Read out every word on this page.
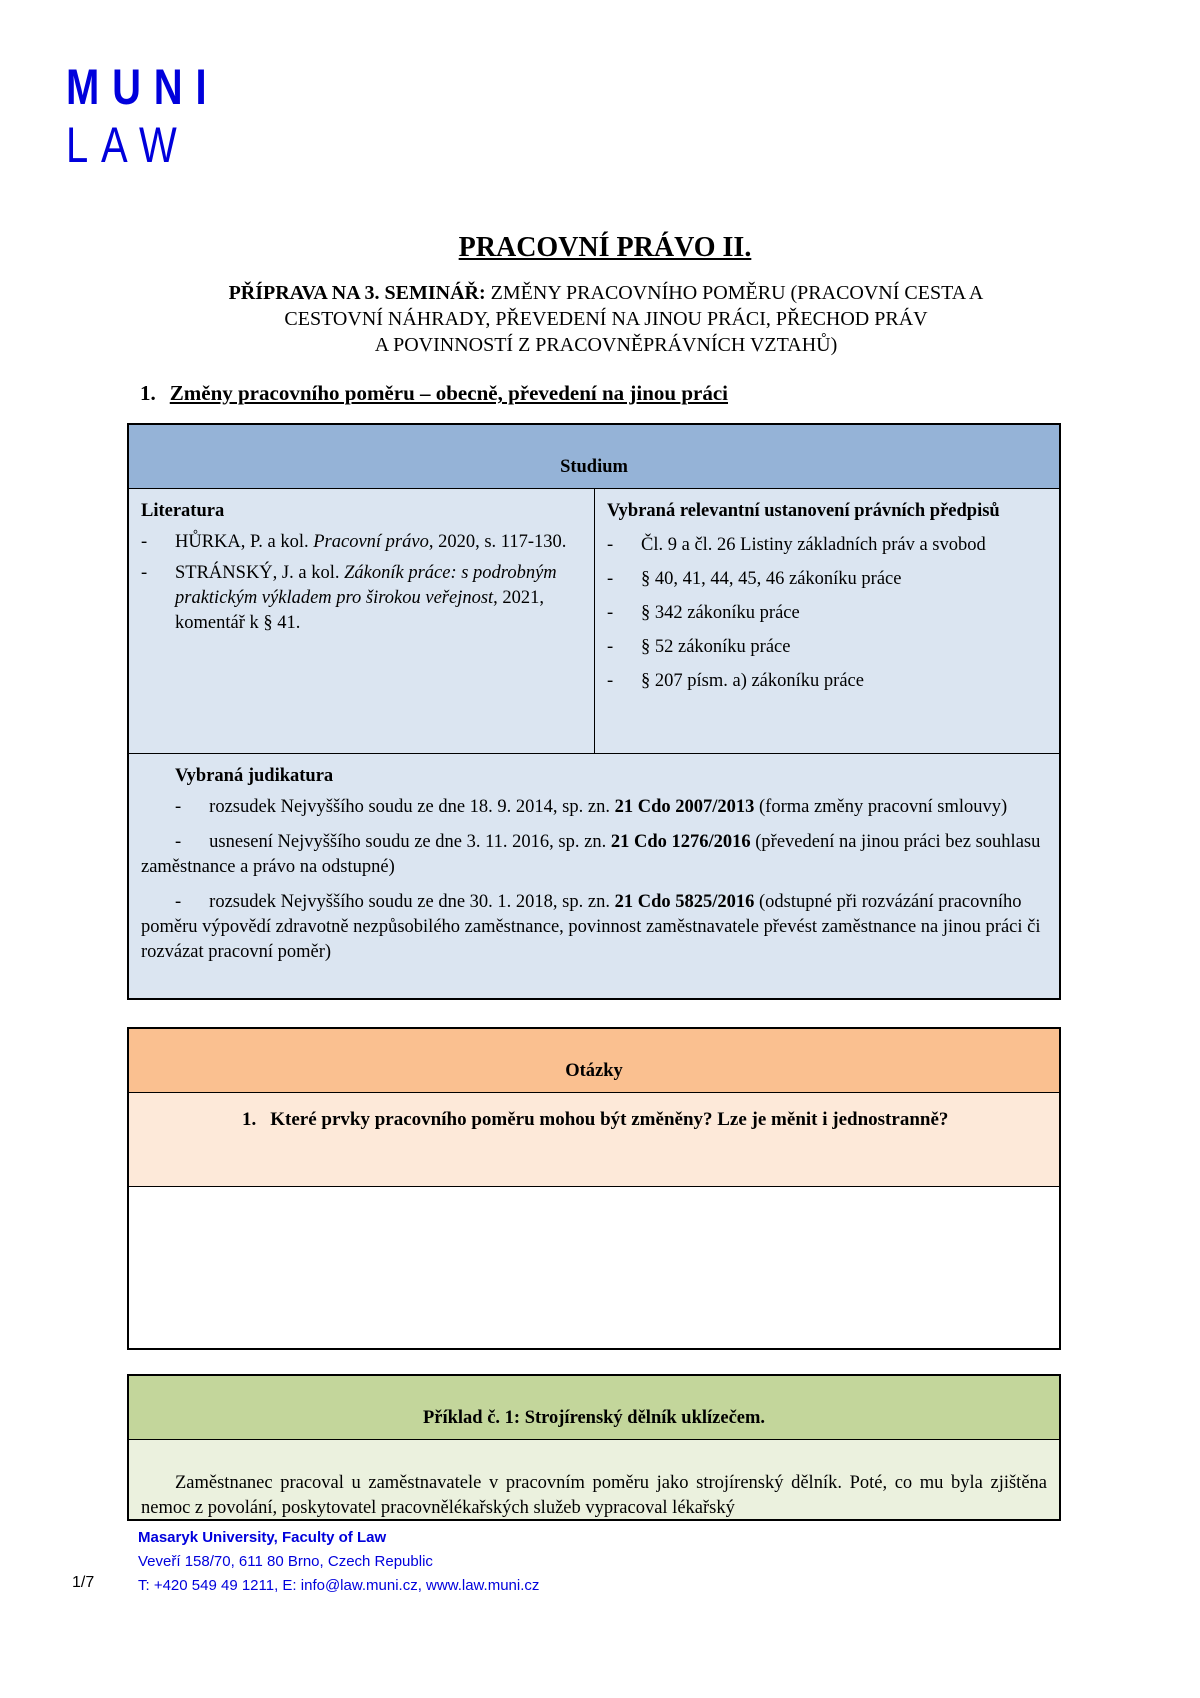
MUNI
LAW
PRACOVNÍ PRÁVO II.

PŘÍPRAVA NA 3. SEMINÁŘ: ZMĚNY PRACOVNÍHO POMĚRU (PRACOVNÍ CESTA A
CESTOVNÍ NÁHRADY, PŘEVEDENÍ NA JINOU PRÁCI, PŘECHOD PRÁV
A POVINNOSTÍ Z PRACOVNĚPRÁVNÍCH VZTAHŮ)

1. Změny pracovního poměru – obecně, převedení na jinou práci
Studium
Literatura
- HŮRKA, P. a kol. Pracovní právo, 2020, s. 117-130.
- STRÁNSKÝ, J. a kol. Zákoník práce: s podrobným praktickým výkladem pro širokou veřejnost, 2021, komentář k § 41.
Vybraná relevantní ustanovení právních předpisů
- Čl. 9 a čl. 26 Listiny základních práv a svobod
- § 40, 41, 44, 45, 46 zákoníku práce
- § 342 zákoníku práce
- § 52 zákoníku práce
- § 207 písm. a) zákoníku práce
Vybraná judikatura

- rozsudek Nejvyššího soudu ze dne 18. 9. 2014, sp. zn. 21 Cdo 2007/2013 (forma změny pracovní smlouvy)

- usnesení Nejvyššího soudu ze dne 3. 11. 2016, sp. zn. 21 Cdo 1276/2016 (převedení na jinou práci bez souhlasu zaměstnance a právo na odstupné)

- rozsudek Nejvyššího soudu ze dne 30. 1. 2018, sp. zn. 21 Cdo 5825/2016 (odstupné při rozvázání pracovního poměru výpovědí zdravotně nezpůsobilého zaměstnance, povinnost zaměstnavatele převést zaměstnance na jinou práci či rozvázat pracovní poměr)

Otázky
1. Které prvky pracovního poměru mohou být změněny? Lze je měnit i jednostranně?
Příklad č. 1: Strojírenský dělník uklízečem.

Zaměstnanec pracoval u zaměstnavatele v pracovním poměru jako strojírenský dělník. Poté, co mu byla zjištěna nemoc z povolání, poskytovatel pracovnělékařských služeb vypracoval lékařský

Masaryk University, Faculty of Law
Veveří 158/70, 611 80 Brno, Czech Republic
T: +420 549 49 1211, E: info@law.muni.cz, www.law.muni.cz
1/7
